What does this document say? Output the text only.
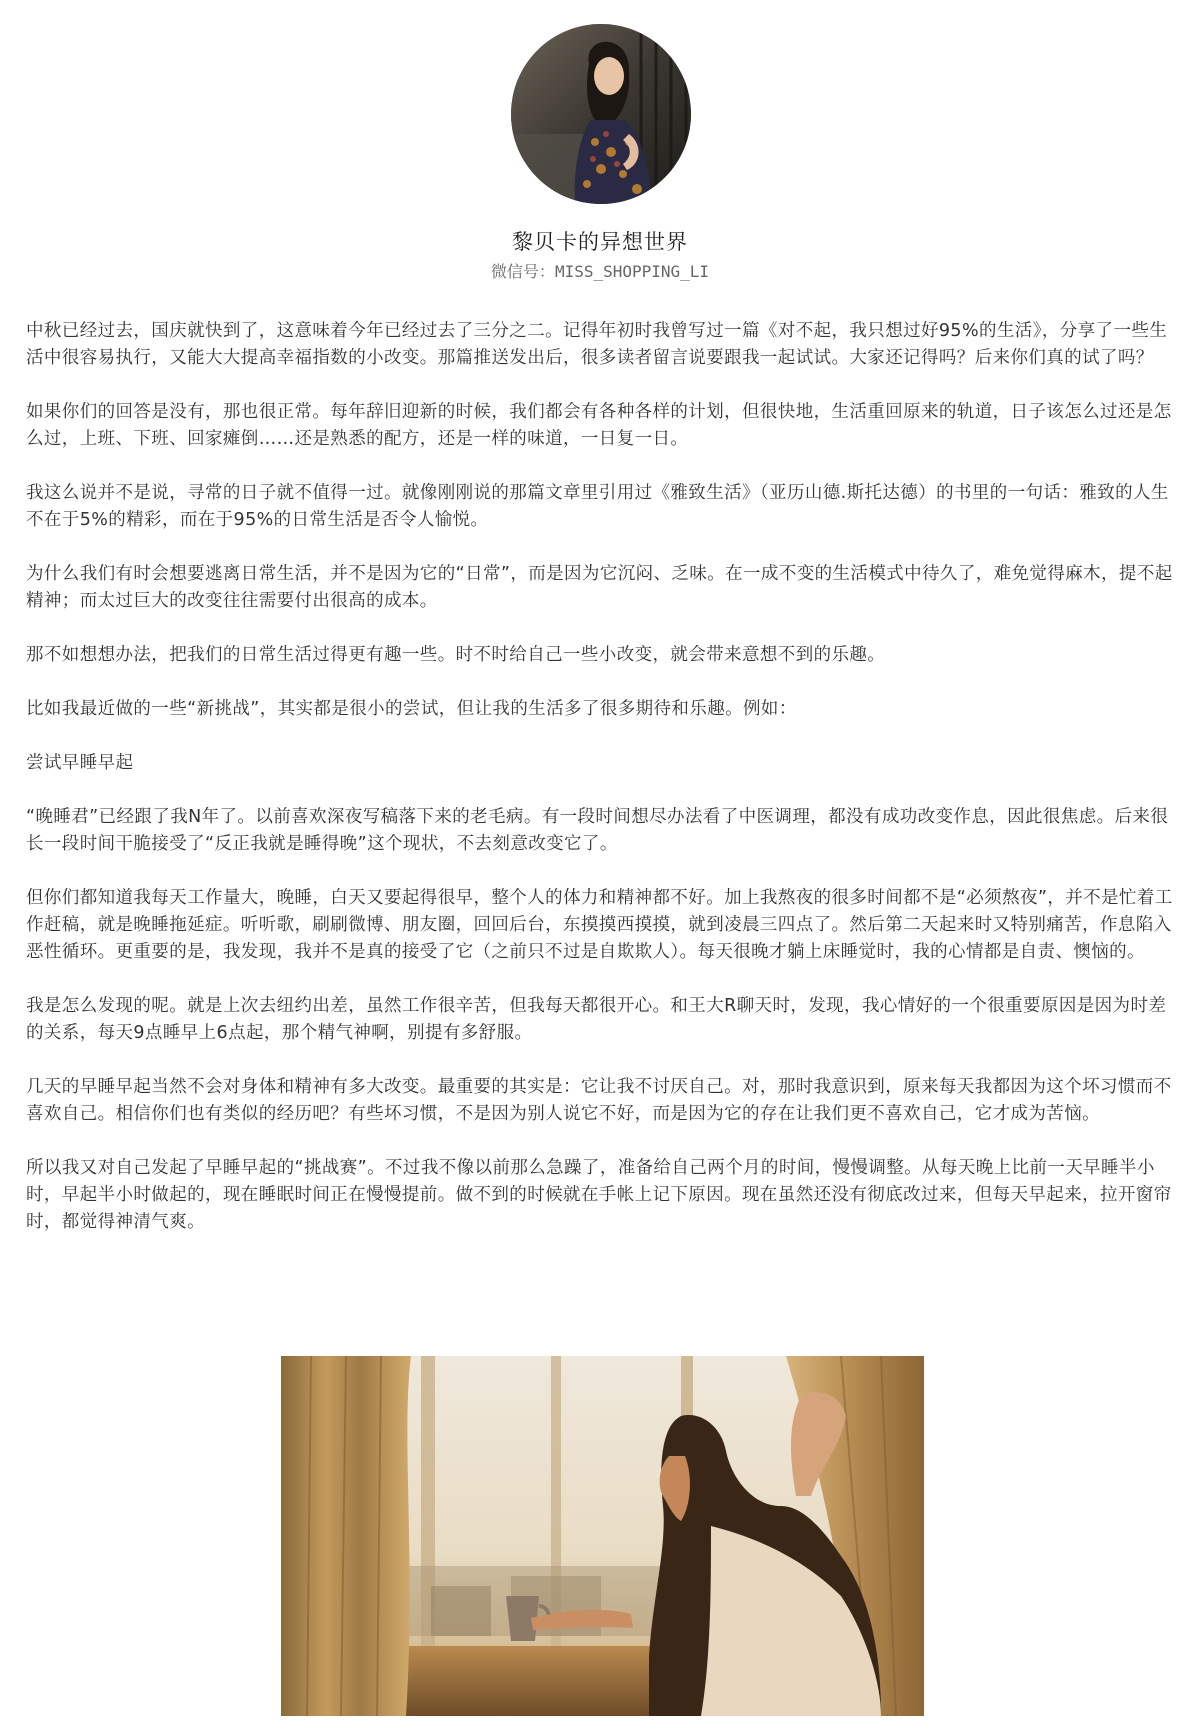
黎贝卡的异想世界
微信号：MISS_SHOPPING_LI

中秋已经过去，国庆就快到了，这意味着今年已经过去了三分之二。记得年初时我曾写过一篇《对不起，我只想过好95%的生活》，分享了一些生活中很容易执行，又能大大提高幸福指数的小改变。那篇推送发出后，很多读者留言说要跟我一起试试。大家还记得吗？后来你们真的试了吗？

如果你们的回答是没有，那也很正常。每年辞旧迎新的时候，我们都会有各种各样的计划，但很快地，生活重回原来的轨道，日子该怎么过还是怎么过，上班、下班、回家瘫倒……还是熟悉的配方，还是一样的味道，一日复一日。

我这么说并不是说，寻常的日子就不值得一过。就像刚刚说的那篇文章里引用过《雅致生活》（亚历山德.斯托达德）的书里的一句话：雅致的人生不在于5%的精彩，而在于95%的日常生活是否令人愉悦。

为什么我们有时会想要逃离日常生活，并不是因为它的“日常”，而是因为它沉闷、乏味。在一成不变的生活模式中待久了，难免觉得麻木，提不起精神；而太过巨大的改变往往需要付出很高的成本。

那不如想想办法，把我们的日常生活过得更有趣一些。时不时给自己一些小改变，就会带来意想不到的乐趣。

比如我最近做的一些“新挑战”，其实都是很小的尝试，但让我的生活多了很多期待和乐趣。例如：

尝试早睡早起

“晚睡君”已经跟了我N年了。以前喜欢深夜写稿落下来的老毛病。有一段时间想尽办法看了中医调理，都没有成功改变作息，因此很焦虑。后来很长一段时间干脆接受了“反正我就是睡得晚”这个现状，不去刻意改变它了。

但你们都知道我每天工作量大，晚睡，白天又要起得很早，整个人的体力和精神都不好。加上我熬夜的很多时间都不是“必须熬夜”，并不是忙着工作赶稿，就是晚睡拖延症。听听歌，刷刷微博、朋友圈，回回后台，东摸摸西摸摸，就到凌晨三四点了。然后第二天起来时又特别痛苦，作息陷入恶性循环。更重要的是，我发现，我并不是真的接受了它（之前只不过是自欺欺人）。每天很晚才躺上床睡觉时，我的心情都是自责、懊恼的。

我是怎么发现的呢。就是上次去纽约出差，虽然工作很辛苦，但我每天都很开心。和王大R聊天时，发现，我心情好的一个很重要原因是因为时差的关系，每天9点睡早上6点起，那个精气神啊，别提有多舒服。

几天的早睡早起当然不会对身体和精神有多大改变。最重要的其实是：它让我不讨厌自己。对，那时我意识到，原来每天我都因为这个坏习惯而不喜欢自己。相信你们也有类似的经历吧？有些坏习惯，不是因为别人说它不好，而是因为它的存在让我们更不喜欢自己，它才成为苦恼。

所以我又对自己发起了早睡早起的“挑战赛”。不过我不像以前那么急躁了，准备给自己两个月的时间，慢慢调整。从每天晚上比前一天早睡半小时，早起半小时做起的，现在睡眠时间正在慢慢提前。做不到的时候就在手帐上记下原因。现在虽然还没有彻底改过来，但每天早起来，拉开窗帘时，都觉得神清气爽。
